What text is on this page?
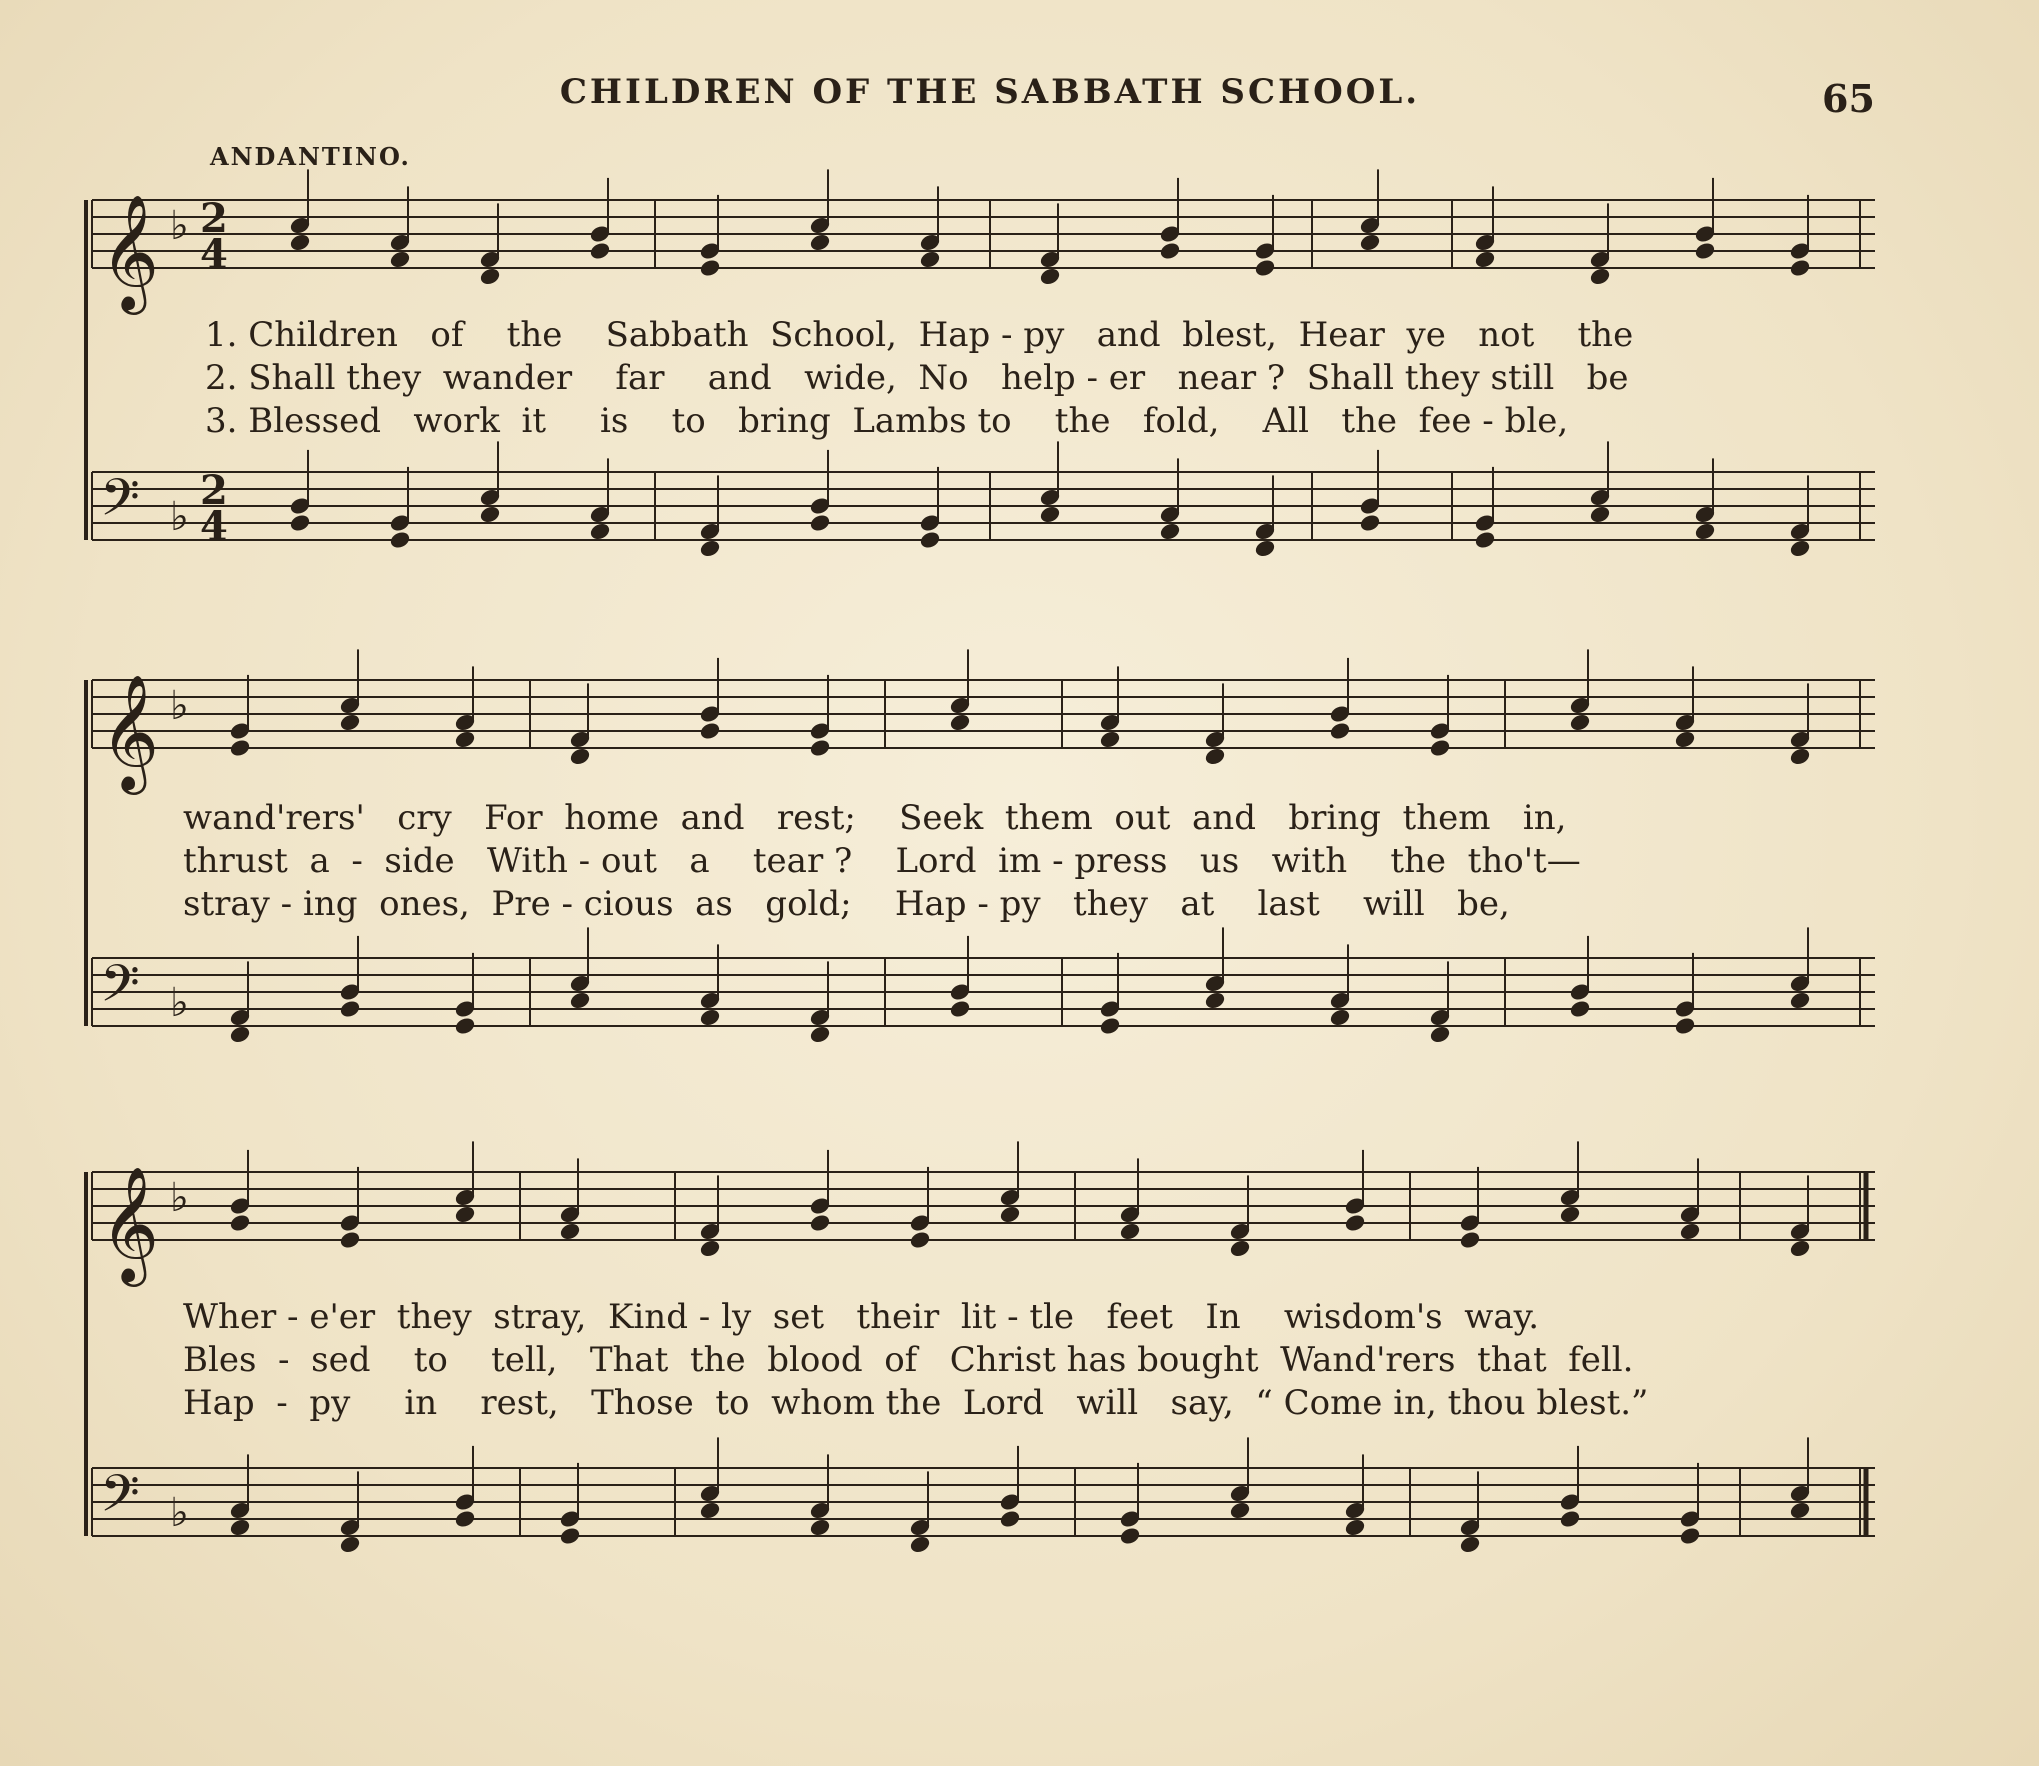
CHILDREN OF THE SABBATH SCHOOL.	65
ANDANTINO.
𝄞 ♭ 2
4
𝄢 ♭
2
4
𝄞 ♭
𝄢 ♭
𝄞 ♭
𝄢 ♭
1. Children   of    the    Sabbath  School,  Hap - py   and  blest,  Hear  ye   not    the
2. Shall they  wander    far    and   wide,  No   help - er   near ?  Shall they still   be
3. Blessed   work  it     is    to   bring  Lambs to    the   fold,    All   the  fee - ble,
wand'rers'   cry   For  home  and   rest;    Seek  them  out  and   bring  them   in,
thrust  a  -  side   With - out   a    tear ?    Lord  im - press   us   with    the  tho't—
stray - ing  ones,  Pre - cious  as   gold;    Hap - py   they   at    last    will   be,
Wher - e'er  they  stray,  Kind - ly  set   their  lit - tle   feet   In    wisdom's  way.
Bles  -  sed    to    tell,   That  the  blood  of   Christ has bought  Wand'rers  that  fell.
Hap  -  py     in    rest,   Those  to  whom the  Lord   will   say,  “ Come in, thou blest.”
